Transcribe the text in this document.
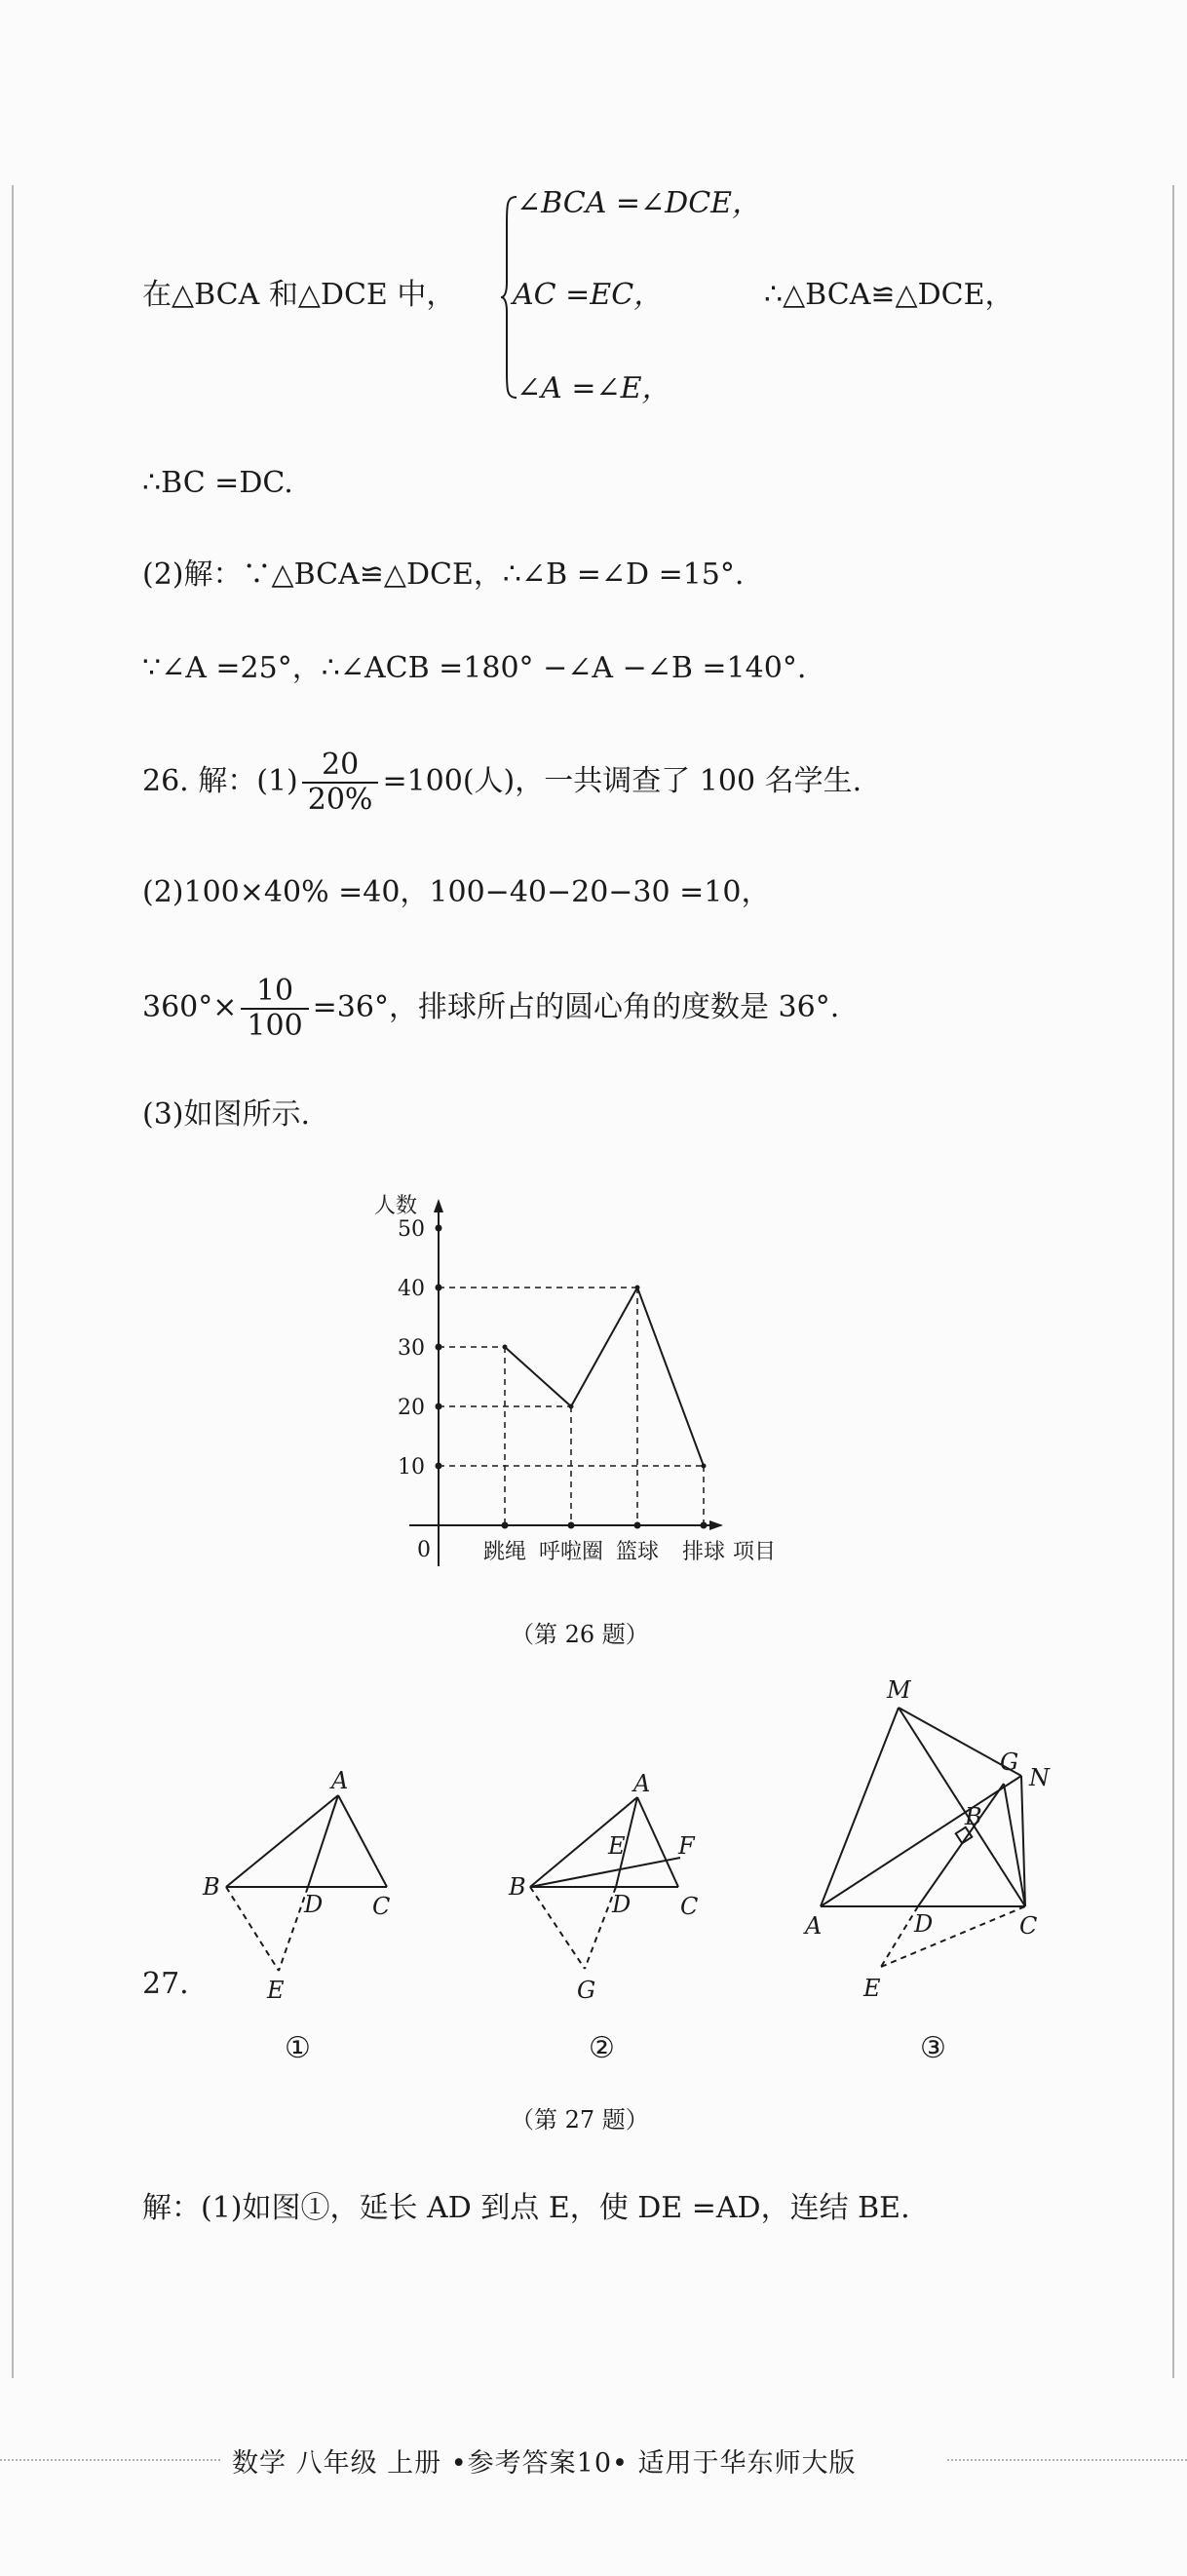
在△BCA 和△DCE 中，
∠BCA =∠DCE，
AC =EC，
∠A =∠E，
∴△BCA≌△DCE，
∴BC =DC.
(2)解：∵△BCA≌△DCE，∴∠B =∠D =15°.
∵∠A =25°，∴∠ACB =180° −∠A −∠B =140°.
26. 解：$(1) \frac{20}{20\%} =100$(人)，一共调查了 100 名学生.
(2)100×40% =40，100−40−20−30 =10，
$360^\circ\times \frac{10}{100} =36^\circ$，排球所占的圆心角的度数是 36°.
(3)如图所示.
人数
项目
0
10
20
30
40
50
跳绳 呼啦圈 篮球 排球
（第 26 题）
27.
A
B
C
D
E
A
B
C
D
E F
G
M
G
N
B
A	D	C
E
①	②	③
（第 27 题）
解：(1)如图①，延长 AD 到点 E，使 DE =AD，连结 BE.
数学 八年级 上册 •参考答案10• 适用于华东师大版
